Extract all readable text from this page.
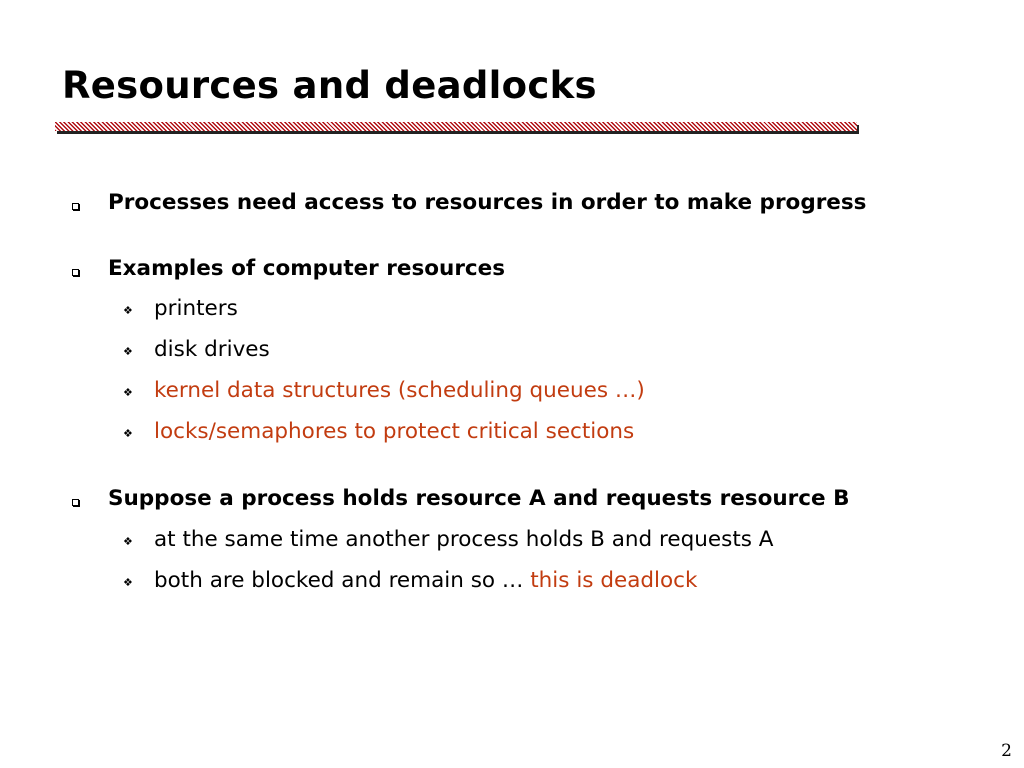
Resources and deadlocks
Processes need access to resources in order to make progress
Examples of computer resources
❖ printers
❖ disk drives
❖ kernel data structures (scheduling queues …)
❖ locks/semaphores to protect critical sections
Suppose a process holds resource A and requests resource B
❖ at the same time another process holds B and requests A
❖ both are blocked and remain so … this is deadlock
2
